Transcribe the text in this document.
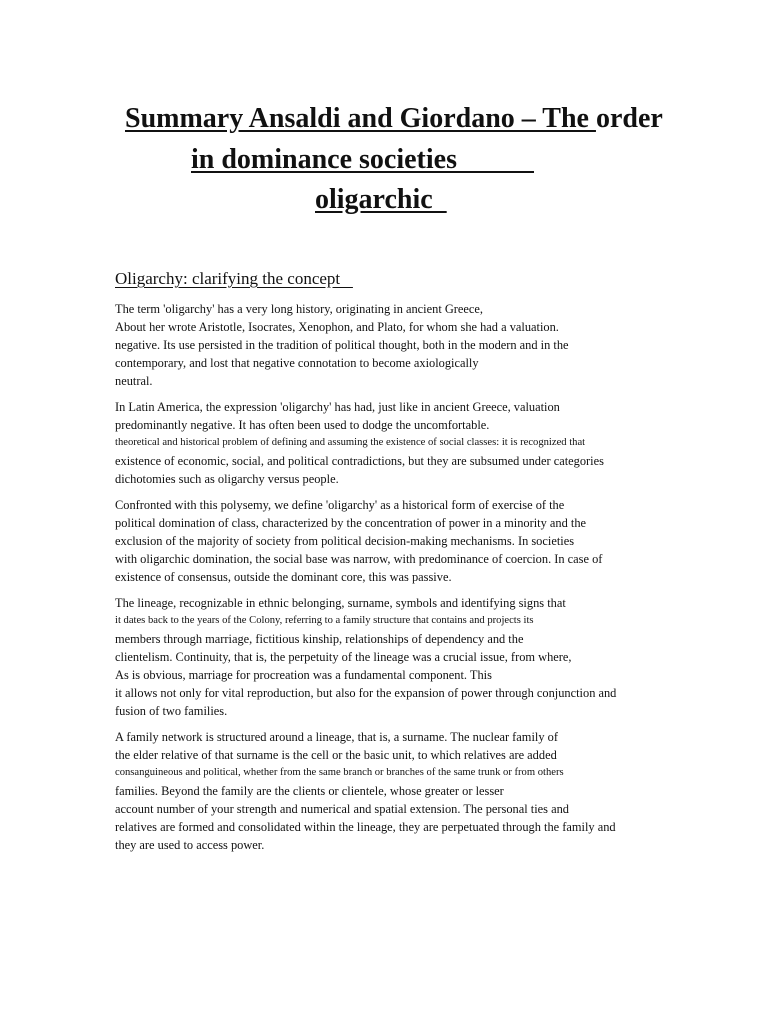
Summary Ansaldi and Giordano – The order
in dominance societies
oligarchic
Oligarchy: clarifying the concept
The term 'oligarchy' has a very long history, originating in ancient Greece,
About her wrote Aristotle, Isocrates, Xenophon, and Plato, for whom she had a valuation.
negative. Its use persisted in the tradition of political thought, both in the modern and in the
contemporary, and lost that negative connotation to become axiologically
neutral.
In Latin America, the expression 'oligarchy' has had, just like in ancient Greece, valuation
predominantly negative. It has often been used to dodge the uncomfortable.
theoretical and historical problem of defining and assuming the existence of social classes: it is recognized that
existence of economic, social, and political contradictions, but they are subsumed under categories
dichotomies such as oligarchy versus people.
Confronted with this polysemy, we define 'oligarchy' as a historical form of exercise of the
political domination of class, characterized by the concentration of power in a minority and the
exclusion of the majority of society from political decision-making mechanisms. In societies
with oligarchic domination, the social base was narrow, with predominance of coercion. In case of
existence of consensus, outside the dominant core, this was passive.
The lineage, recognizable in ethnic belonging, surname, symbols and identifying signs that
it dates back to the years of the Colony, referring to a family structure that contains and projects its
members through marriage, fictitious kinship, relationships of dependency and the
clientelism. Continuity, that is, the perpetuity of the lineage was a crucial issue, from where,
As is obvious, marriage for procreation was a fundamental component. This
it allows not only for vital reproduction, but also for the expansion of power through conjunction and
fusion of two families.
A family network is structured around a lineage, that is, a surname. The nuclear family of
the elder relative of that surname is the cell or the basic unit, to which relatives are added
consanguineous and political, whether from the same branch or branches of the same trunk or from others
families. Beyond the family are the clients or clientele, whose greater or lesser
account number of your strength and numerical and spatial extension. The personal ties and
relatives are formed and consolidated within the lineage, they are perpetuated through the family and
they are used to access power.
